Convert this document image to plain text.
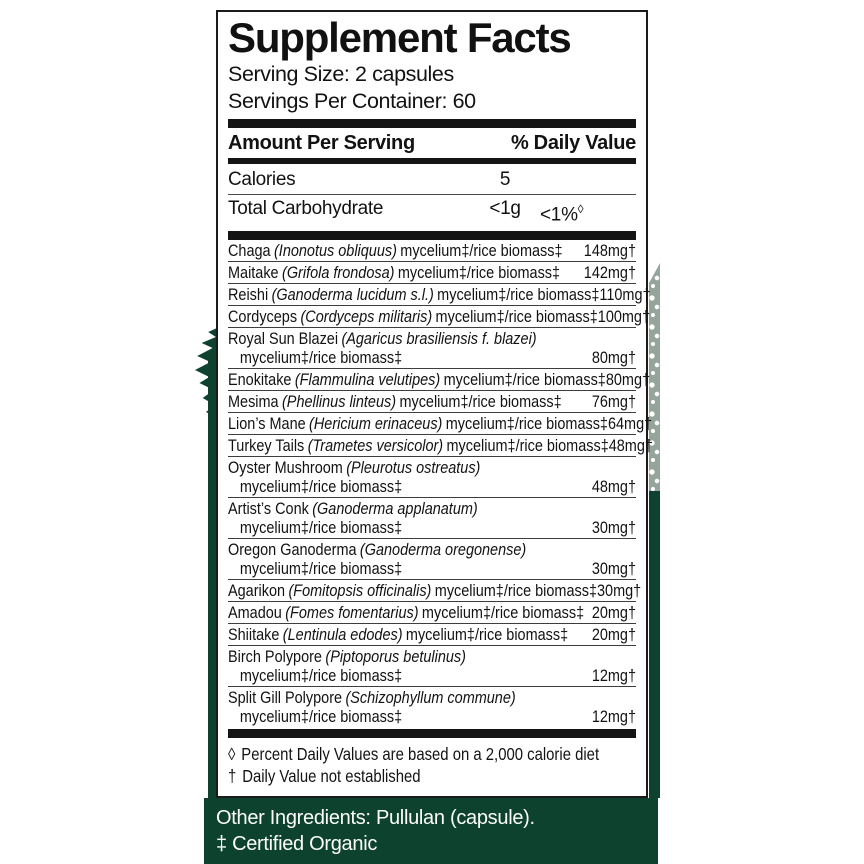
Supplement Facts
Serving Size: 2 capsules
Servings Per Container: 60
Amount Per Serving	% Daily Value
Calories	5
Total Carbohydrate	<1g	<1%◊
Chaga (Inonotus obliquus) mycelium‡/rice biomass‡ 148mg†
Maitake (Grifola frondosa) mycelium‡/rice biomass‡ 142mg†
Reishi (Ganoderma lucidum s.l.) mycelium‡/rice biomass‡ 110mg†
Cordyceps (Cordyceps militaris) mycelium‡/rice biomass‡ 100mg†
Royal Sun Blazei (Agaricus brasiliensis f. blazei)
mycelium‡/rice biomass‡	80mg†
Enokitake (Flammulina velutipes) mycelium‡/rice biomass‡ 80mg†
Mesima (Phellinus linteus) mycelium‡/rice biomass‡ 76mg†
Lion’s Mane (Hericium erinaceus) mycelium‡/rice biomass‡ 64mg†
Turkey Tails (Trametes versicolor) mycelium‡/rice biomass‡ 48mg†
Oyster Mushroom (Pleurotus ostreatus)
mycelium‡/rice biomass‡	48mg†
Artist’s Conk (Ganoderma applanatum)
mycelium‡/rice biomass‡	30mg†
Oregon Ganoderma (Ganoderma oregonense)
mycelium‡/rice biomass‡	30mg†
Agarikon (Fomitopsis officinalis) mycelium‡/rice biomass‡ 30mg†
Amadou (Fomes fomentarius) mycelium‡/rice biomass‡ 20mg†
Shiitake (Lentinula edodes) mycelium‡/rice biomass‡ 20mg†
Birch Polypore (Piptoporus betulinus)
mycelium‡/rice biomass‡	12mg†
Split Gill Polypore (Schizophyllum commune)
mycelium‡/rice biomass‡	12mg†
◊ Percent Daily Values are based on a 2,000 calorie diet
† Daily Value not established
Other Ingredients: Pullulan (capsule).
‡ Certified Organic
